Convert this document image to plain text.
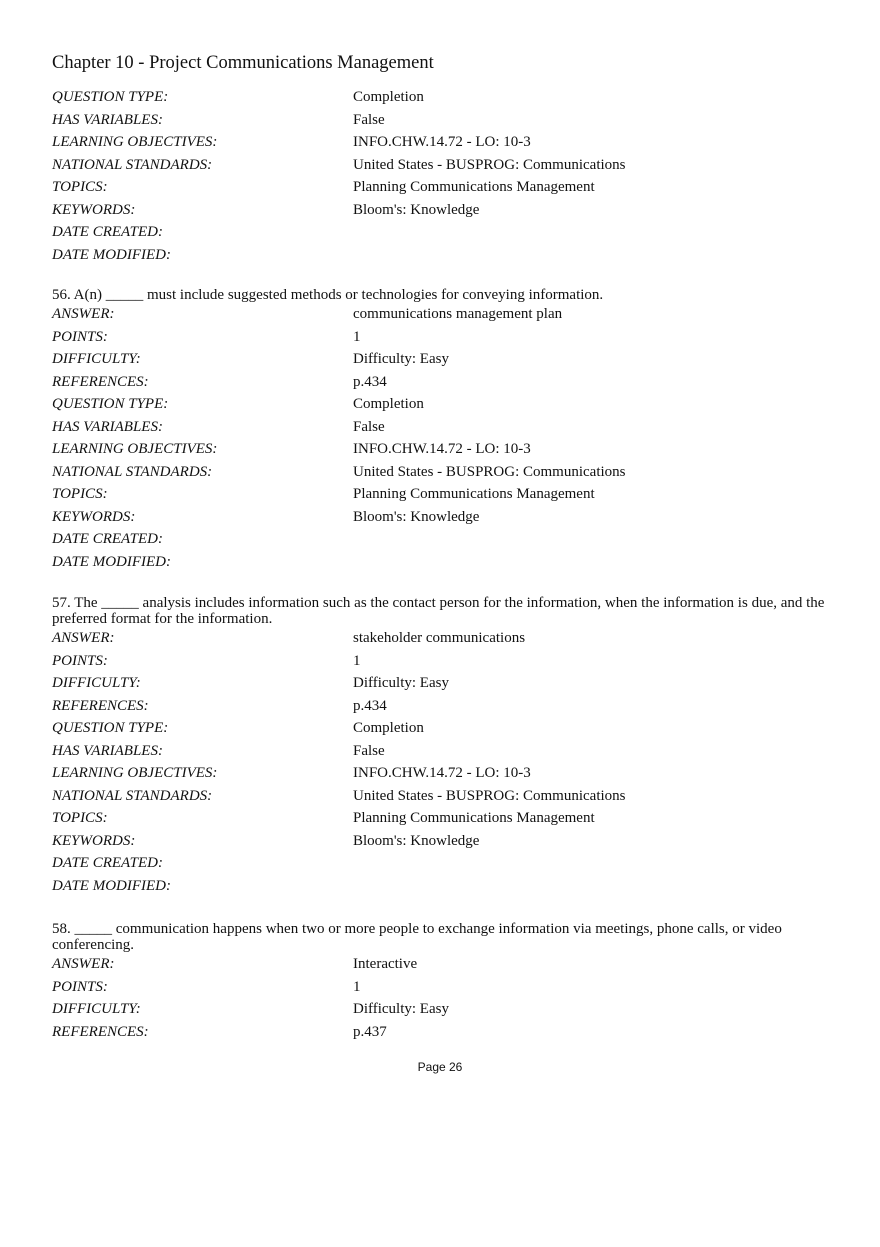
Chapter 10 - Project Communications Management
QUESTION TYPE:	Completion
HAS VARIABLES:	False
LEARNING OBJECTIVES:	INFO.CHW.14.72 - LO: 10-3
NATIONAL STANDARDS:	United States - BUSPROG: Communications
TOPICS:	Planning Communications Management
KEYWORDS:	Bloom's: Knowledge
DATE CREATED:
DATE MODIFIED:
56. A(n) _____ must include suggested methods or technologies for conveying information.
ANSWER:	communications management plan
POINTS:	1
DIFFICULTY:	Difficulty: Easy
REFERENCES:	p.434
QUESTION TYPE:	Completion
HAS VARIABLES:	False
LEARNING OBJECTIVES:	INFO.CHW.14.72 - LO: 10-3
NATIONAL STANDARDS:	United States - BUSPROG: Communications
TOPICS:	Planning Communications Management
KEYWORDS:	Bloom's: Knowledge
DATE CREATED:
DATE MODIFIED:
57. The _____ analysis includes information such as the contact person for the information, when the information is due, and the preferred format for the information.
ANSWER:	stakeholder communications
POINTS:	1
DIFFICULTY:	Difficulty: Easy
REFERENCES:	p.434
QUESTION TYPE:	Completion
HAS VARIABLES:	False
LEARNING OBJECTIVES:	INFO.CHW.14.72 - LO: 10-3
NATIONAL STANDARDS:	United States - BUSPROG: Communications
TOPICS:	Planning Communications Management
KEYWORDS:	Bloom's: Knowledge
DATE CREATED:
DATE MODIFIED:
58. _____ communication happens when two or more people to exchange information via meetings, phone calls, or video conferencing.
ANSWER:	Interactive
POINTS:	1
DIFFICULTY:	Difficulty: Easy
REFERENCES:	p.437
Page 26
